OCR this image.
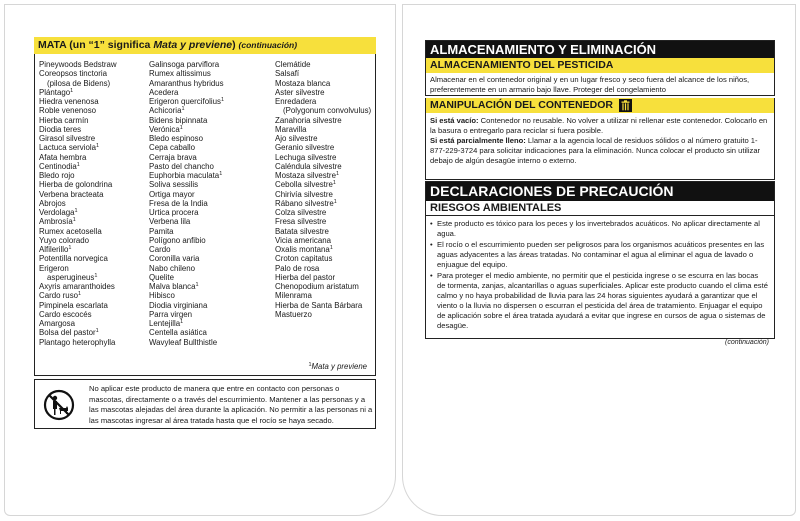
MATA (un “1” significa Mata y previene) (continuación)
Pineywoods Bedstraw
Coreopsos tinctoria
(pilosa de Bidens)
Plántago$^1$
Hiedra venenosa
Roble venenoso
Hierba carmín
Diodia teres
Girasol silvestre
Lactuca serviola$^1$
Afata hembra
Centinodia$^1$
Bledo rojo
Hierba de golondrina
Verbena bracteata
Abrojos
Verdolaga$^1$
Ambrosía$^1$
Rumex acetosella
Yuyo colorado
Alfilerillo$^1$
Potentilla norvegica
Erigeron
asperugineus$^1$
Axyris amaranthoides
Cardo ruso$^1$
Pimpinela escarlata
Cardo escocés
Amargosa
Bolsa del pastor$^1$
Plantago heterophylla
Galinsoga parviflora
Rumex altissimus
Amaranthus hybridus
Acedera
Erigeron quercifolius$^1$
Achicoria$^1$
Bidens bipinnata
Verónica$^1$
Bledo espinoso
Cepa caballo
Cerraja brava
Pasto del chancho
Euphorbia maculata$^1$
Soliva sessilis
Ortiga mayor
Fresa de la India
Urtica procera
Verbena lila
Pamita
Polígono anfibio
Cardo
Coronilla varia
Nabo chileno
Quelite
Malva blanca$^1$
Hibisco
Diodia virginiana
Parra virgen
Lentejilla$^1$
Centella asiática
Wavyleaf Bullthistle
Clemátide
Salsafí
Mostaza blanca
Aster silvestre
Enredadera
(Polygonum convolvulus)
Zanahoria silvestre
Maravilla
Ajo silvestre
Geranio silvestre
Lechuga silvestre
Caléndula silvestre
Mostaza silvestre$^1$
Cebolla silvestre$^1$
Chirivía silvestre
Rábano silvestre$^1$
Colza silvestre
Fresa silvestre
Batata silvestre
Vicia americana
Oxalis montana$^1$
Croton capitatus
Palo de rosa
Hierba del pastor
Chenopodium aristatum
Milenrama
Hierba de Santa Bárbara
Mastuerzo
$^1$Mata y previene
No aplicar este producto de manera que entre en contacto con personas o mascotas, directamente o a través del escurrimiento. Mantener a las personas y a las mascotas alejadas del área durante la aplicación. No permitir a las personas ni a las mascotas ingresar al área tratada hasta que el rocío se haya secado.
ALMACENAMIENTO Y ELIMINACIÓN
ALMACENAMIENTO DEL PESTICIDA
Almacenar en el contenedor original y en un lugar fresco y seco fuera del alcance de los niños, preferentemente en un armario bajo llave. Proteger del congelamiento
MANIPULACIÓN DEL CONTENEDOR
Si está vacío: Contenedor no reusable. No volver a utilizar ni rellenar este contenedor. Colocarlo en la basura o entregarlo para reciclar si fuera posible.
Si está parcialmente lleno: Llamar a la agencia local de residuos sólidos o al número gratuito 1-877-229-3724 para solicitar indicaciones para la eliminación. Nunca colocar el producto sin utilizar debajo de algún desagüe interno o externo.
DECLARACIONES DE PRECAUCIÓN
RIESGOS AMBIENTALES
• Este producto es tóxico para los peces y los invertebrados acuáticos. No aplicar directamente al agua.
• El rocío o el escurrimiento pueden ser peligrosos para los organismos acuáticos presentes en las aguas adyacentes a las áreas tratadas. No contaminar el agua al eliminar el agua de lavado o enjuague del equipo.
• Para proteger el medio ambiente, no permitir que el pesticida ingrese o se escurra en las bocas de tormenta, zanjas, alcantarillas o aguas superficiales. Aplicar este producto cuando el clima esté calmo y no haya probabilidad de lluvia para las 24 horas siguientes ayudará a garantizar que el viento o la lluvia no dispersen o escurran el pesticida del área de tratamiento. Enjuagar el equipo de aplicación sobre el área tratada ayudará a evitar que ingrese en cursos de agua o sistemas de desagüe.
(continuación)
